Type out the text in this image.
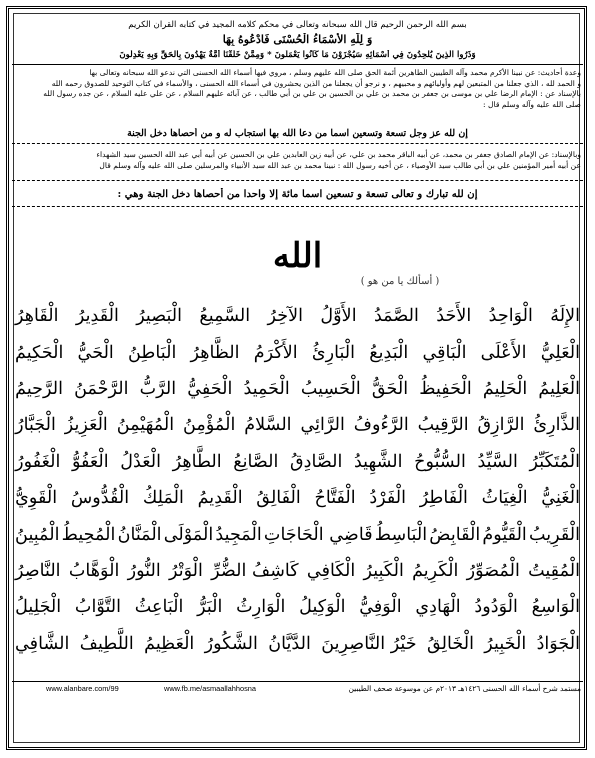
بسم الله الرحمن الرحيم قال الله سبحانه وتعالى في محكم كلامه المجيد في كتابه القرآن الكريم
وَ لِلَّهِ الأَسْمَاءُ الْحُسْنَى فَادْعُوهُ بِهَا
وَذَرُوا الَّذِينَ يُلْحِدُونَ فِي أَسْمَائِهِ سَيُجْزَوْنَ مَا كَانُوا يَعْمَلُونَ * وَمِمَّنْ خَلَقْنَا أُمَّةٌ يَهْدُونَ بِالْحَقِّ وَبِهِ يَعْدِلُونَ
وعدة أحاديث: عن نبينا الأكرم محمد وآله الطيبين الطاهرين أئمة الحق صلى الله عليهم وسلم ، مروي فيها أسماء الله الحسنى التي ندعو الله سبحانه وتعالى بها
و الحمد لله ، الذي جعلنا من المتبعين لهم وأوليائهم و محبيهم ، و نرجو أن يجعلنا من الذين يحشرون في أسماء الله الحسنى ، والأسماء في كتاب التوحيد للصدوق رحمه الله
بالإسناد عن : الإمام الرضا علي بن موسى بن جعفر بن محمد بن علي بن الحسين بن علي بن أبي طالب ، عن آبائه عليهم السلام ، عن علي عليه السلام ، عن جده رسول الله
صلى الله عليه وآله وسلم قال :
إن لله عز وجل تسعة وتسعين اسما من دعا الله بها استجاب له و من أحصاها دخل الجنة
وبالإسناد: عن الإمام الصادق جعفر بن محمد، عن أبيه الباقر محمد بن علي، عن أبيه زين العابدين علي بن الحسين عن أبيه أبي عبد الله الحسين سيد الشهداء
عن أبيه أمير المؤمنين علي بن أبي طالب سيد الأوصياء ، عن أخيه رسول الله : نبينا محمد بن عبد الله سيد الأنبياء والمرسلين صلى الله عليه وآله وسلم قال
إن لله تبارك و تعالى تسعة و تسعين اسما مائة إلا واحدا من أحصاها دخل الجنة وهي :
الله
( أسألك يا من هو )
الإِلَهُ
الْوَاحِدُ
الأَحَدُ
الصَّمَدُ
الأَوَّلُ
الآخِرُ
السَّمِيعُ
الْبَصِيرُ
الْقَدِيرُ
الْقَاهِرُ
الْعَلِيُّ
الأَعْلَى
الْبَاقِي
الْبَدِيعُ
الْبَارِئُ
الأَكْرَمُ
الظَّاهِرُ
الْبَاطِنُ
الْحَيُّ
الْحَكِيمُ
الْعَلِيمُ
الْحَلِيمُ
الْحَفِيظُ
الْحَقُّ
الْحَسِيبُ
الْحَمِيدُ
الْحَفِيُّ
الرَّبُّ
الرَّحْمَنُ
الرَّحِيمُ
الذَّارِئُ
الرَّازِقُ
الرَّقِيبُ
الرَّءُوفُ
الرَّائِي
السَّلامُ
الْمُؤْمِنُ
الْمُهَيْمِنُ
الْعَزِيزُ
الْجَبَّارُ
الْمُتَكَبِّرُ
السَّيِّدُ
السُّبُّوحُ
الشَّهِيدُ
الصَّادِقُ
الصَّانِعُ
الطَّاهِرُ
الْعَدْلُ
الْعَفُوُّ
الْغَفُورُ
الْغَنِيُّ
الْغِيَاثُ
الْفَاطِرُ
الْفَرْدُ
الْفَتَّاحُ
الْفَالِقُ
الْقَدِيمُ
الْمَلِكُ
الْقُدُّوسُ
الْقَوِيُّ
الْقَرِيبُ
الْقَيُّومُ
الْقَابِضُ
الْبَاسِطُ
قَاضِي الْحَاجَاتِ
الْمَجِيدُ
الْمَوْلَى
الْمَنَّانُ
الْمُحِيطُ
الْمُبِينُ
الْمُقِيتُ
الْمُصَوِّرُ
الْكَرِيمُ
الْكَبِيرُ
الْكَافِي
كَاشِفُ الضُّرِّ
الْوَتْرُ
النُّورُ
الْوَهَّابُ
النَّاصِرُ
الْوَاسِعُ
الْوَدُودُ
الْهَادِي
الْوَفِيُّ
الْوَكِيلُ
الْوَارِثُ
الْبَرُّ
الْبَاعِثُ
التَّوَّابُ
الْجَلِيلُ
الْجَوَادُ
الْخَبِيرُ
الْخَالِقُ
خَيْرُ النَّاصِرِينَ
الدَّيَّانُ
الشَّكُورُ
الْعَظِيمُ
اللَّطِيفُ
الشَّافِي
www.alanbare.com/99	www.fb.me/asmaallahhosna	مستمد شرح أسماء الله الحسنى ١٤٢٦هـ ٢٠١٣م عن موسوعة صحف الطيبين
